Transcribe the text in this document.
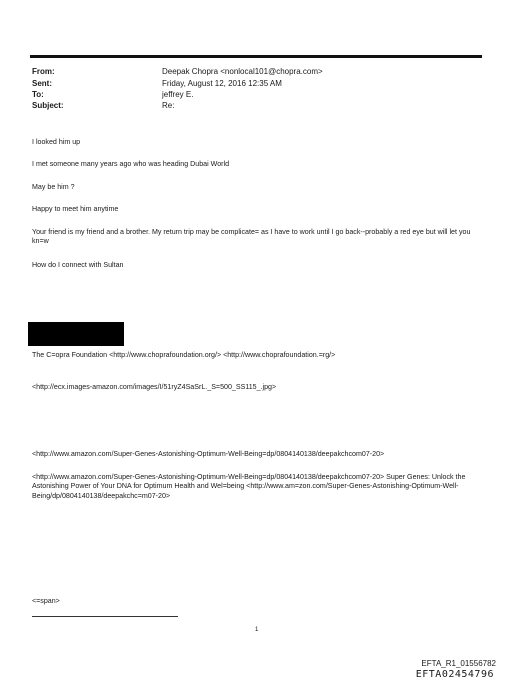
From:	Deepak Chopra <nonlocal101@chopra.com>
Sent:	Friday, August 12, 2016 12:35 AM
To:	jeffrey E.
Subject:	Re:
I looked him up
I met someone many years ago who was heading Dubai World
May be him ?
Happy to meet him anytime
Your friend is my friend and a brother. My return trip may be complicate= as I have to work until I go back--probably a red eye but will let you kn=w
How do I connect with Sultan
The C=opra Foundation <http://www.choprafoundation.org/> <http://www.choprafoundation.=rg/>
<http://ecx.images-amazon.com/images/I/51ryZ4SaSrL._S=500_SS115_.jpg>
<http://www.amazon.com/Super-Genes-Astonishing-Optimum-Well-Being=dp/0804140138/deepakchcom07-20>
<http://www.amazon.com/Super-Genes-Astonishing-Optimum-Well-Being=dp/0804140138/deepakchcom07-20> Super Genes: Unlock the Astonishing Power of Your DNA for Optimum Health and Wel=being <http://www.am=zon.com/Super-Genes-Astonishing-Optimum-Well-Being/dp/0804140138/deepakchc=m07-20>
<=span>
1
EFTA_R1_01556782
EFTA02454796
